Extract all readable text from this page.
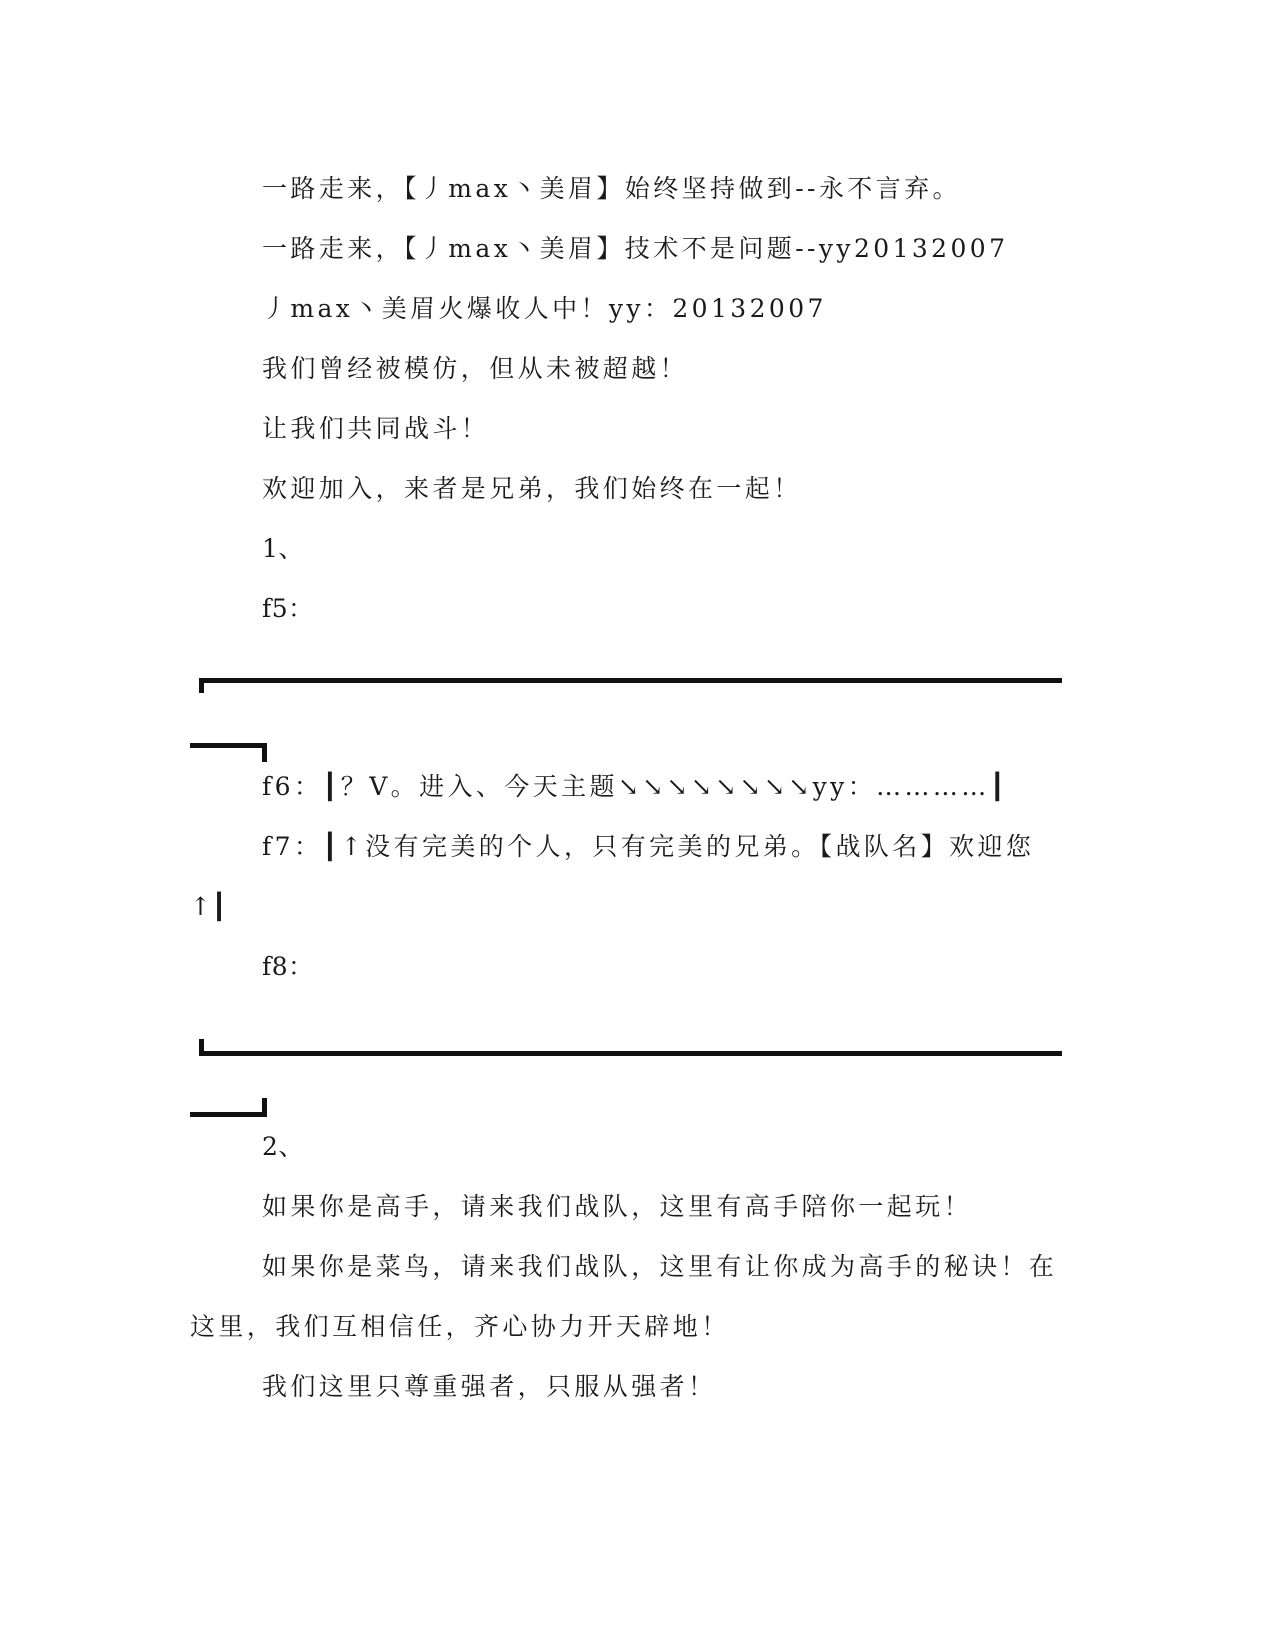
一路走来，【丿max丶美眉】始终坚持做到--永不言弃。
一路走来，【丿max丶美眉】技术不是问题--yy20132007
丿max丶美眉火爆收人中！yy：20132007
我们曾经被模仿，但从未被超越！
让我们共同战斗！
欢迎加入，来者是兄弟，我们始终在一起！
1、
f5：
f6：┃？V。进入、今天主题↘↘↘↘↘↘↘↘yy：…………┃
f7：┃↑没有完美的个人，只有完美的兄弟。【战队名】欢迎您
↑┃
f8：
2、
如果你是高手，请来我们战队，这里有高手陪你一起玩！
如果你是菜鸟，请来我们战队，这里有让你成为高手的秘诀！在
这里，我们互相信任，齐心协力开天辟地！
我们这里只尊重强者，只服从强者！
